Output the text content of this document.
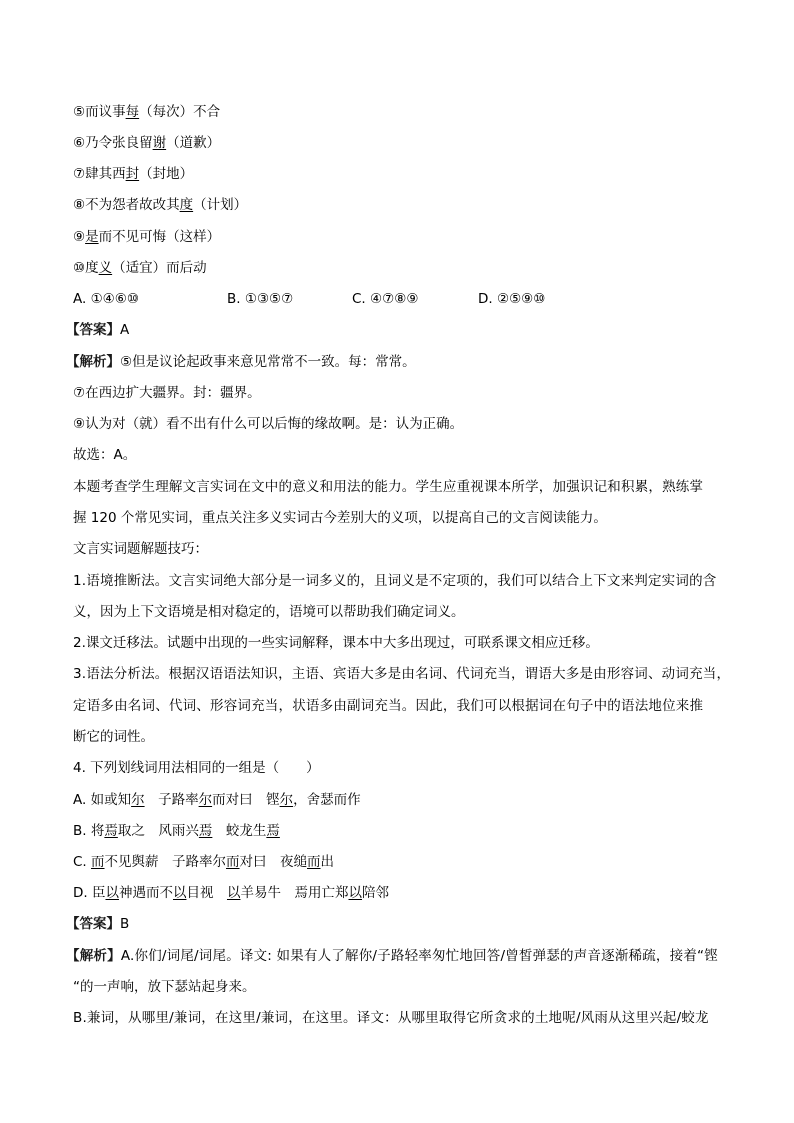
⑤而议事每（每次）不合
⑥乃令张良留谢（道歉）
⑦肆其西封（封地）
⑧不为怨者故改其度（计划）
⑨是而不见可悔（这样）
⑩度义（适宜）而后动
A. ①④⑥⑩	B. ①③⑤⑦	C. ④⑦⑧⑨	D. ②⑤⑨⑩
【答案】A
【解析】⑤但是议论起政事来意见常常不一致。每：常常。
⑦在西边扩大疆界。封：疆界。
⑨认为对（就）看不出有什么可以后悔的缘故啊。是：认为正确。
故选：A。
本题考查学生理解文言实词在文中的意义和用法的能力。学生应重视课本所学，加强识记和积累，熟练掌
握 120 个常见实词，重点关注多义实词古今差别大的义项，以提高自己的文言阅读能力。
文言实词题解题技巧：
1.语境推断法。文言实词绝大部分是一词多义的，且词义是不定项的，我们可以结合上下文来判定实词的含
义，因为上下文语境是相对稳定的，语境可以帮助我们确定词义。
2.课文迁移法。试题中出现的一些实词解释，课本中大多出现过，可联系课文相应迁移。
3.语法分析法。根据汉语语法知识，主语、宾语大多是由名词、代词充当，谓语大多是由形容词、动词充当，
定语多由名词、代词、形容词充当，状语多由副词充当。因此，我们可以根据词在句子中的语法地位来推
断它的词性。
4. 下列划线词用法相同的一组是（　　）
A. 如或知尔　子路率尔而对曰　铿尔，舍瑟而作
B. 将焉取之　风雨兴焉　蛟龙生焉
C. 而不见舆薪　子路率尔而对曰　夜缒而出
D. 臣以神遇而不以目视　以羊易牛　焉用亡郑以陪邻
【答案】B
【解析】A.你们/词尾/词尾。译文: 如果有人了解你/子路轻率匆忙地回答/曾皙弹瑟的声音逐渐稀疏，接着“铿
“的一声响，放下瑟站起身来。
B.兼词，从哪里/兼词，在这里/兼词，在这里。译文：从哪里取得它所贪求的土地呢/风雨从这里兴起/蛟龙
